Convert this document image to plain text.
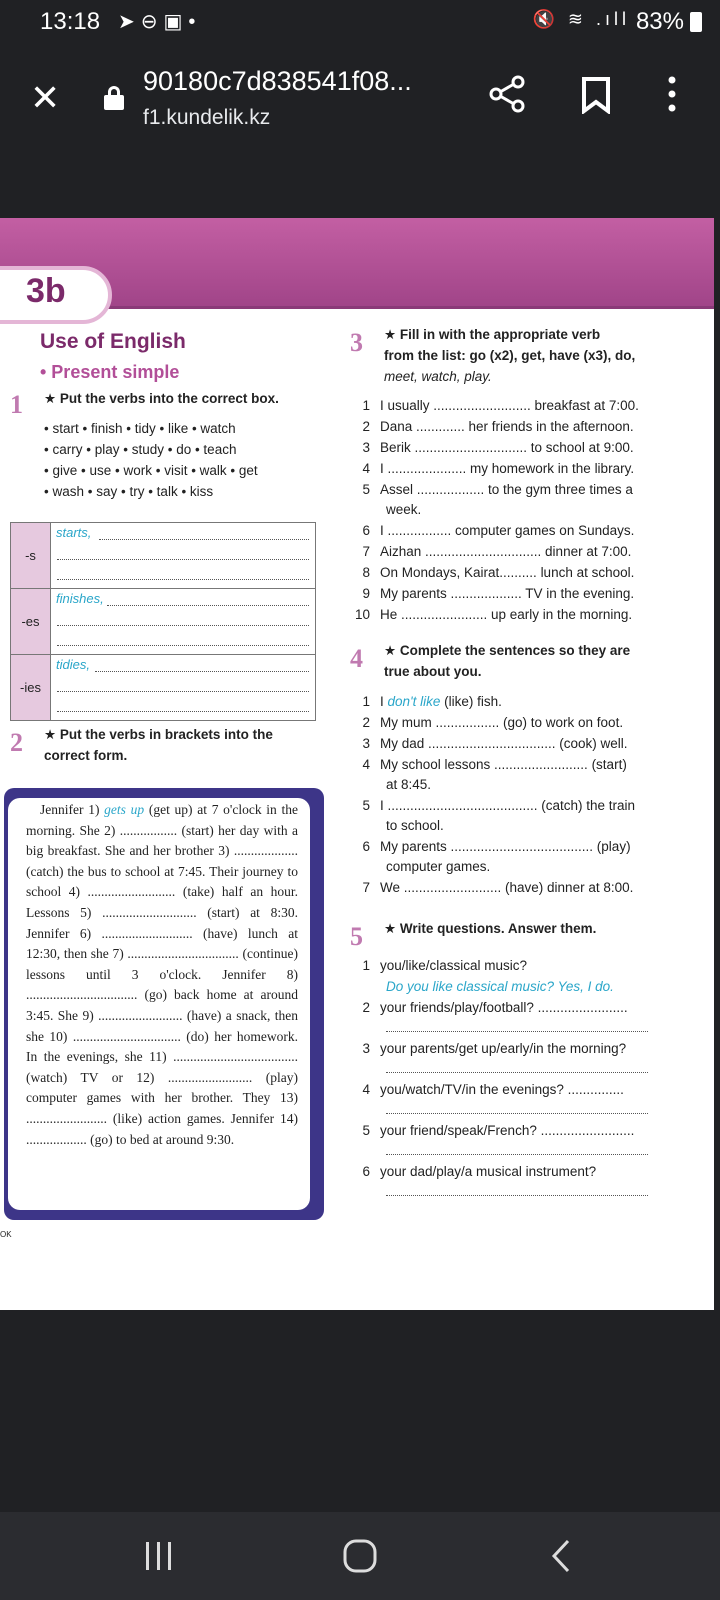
13:18 ➤⊖▣•	🔇 ≋ .ıll 83%
✕	90180c7d838541f08...
f1.kundelik.kz
3b
Use of English
• Present simple
1 ★ Put the verbs into the correct box.
• start • finish • tidy • like • watch
• carry • play • study • do • teach
• give • use • work • visit • walk • get
• wash • say • try • talk • kiss
-s	starts,

-es	finishes,

-ies	tidies,
2 ★ Put the verbs in brackets into the correct form.
Jennifer 1) gets up (get up) at 7 o'clock in the morning. She 2) ................. (start) her day with a big breakfast. She and her brother 3) ................... (catch) the bus to school at 7:45. Their journey to school 4) .......................... (take) half an hour. Lessons 5) ............................ (start) at 8:30. Jennifer 6) ........................... (have) lunch at 12:30, then she 7) ................................. (continue) lessons until 3 o'clock. Jennifer 8) ................................. (go) back home at around 3:45. She 9) ......................... (have) a snack, then she 10) ................................ (do) her homework. In the evenings, she 11) ..................................... (watch) TV or 12) ......................... (play) computer games with her brother. They 13) ........................ (like) action games. Jennifer 14) .................. (go) to bed at around 9:30.
OK
3 ★ Fill in with the appropriate verb
from the list: go (x2), get, have (x3), do,
meet, watch, play.
1 I usually .......................... breakfast at 7:00.
2 Dana ............. her friends in the afternoon.
3 Berik .............................. to school at 9:00.
4 I ..................... my homework in the library.
5 Assel .................. to the gym three times a
week.
6 I ................. computer games on Sundays.
7 Aizhan ............................... dinner at 7:00.
8 On Mondays, Kairat.......... lunch at school.
9 My parents ................... TV in the evening.
10 He ....................... up early in the morning.
4 ★ Complete the sentences so they are
true about you.
1 I don't like (like) fish.
2 My mum ................. (go) to work on foot.
3 My dad .................................. (cook) well.
4 My school lessons ......................... (start)
at 8:45.
5 I ........................................ (catch) the train
to school.
6 My parents ...................................... (play)
computer games.
7 We .......................... (have) dinner at 8:00.
5 ★ Write questions. Answer them.
1 you/like/classical music?
Do you like classical music? Yes, I do.
2 your friends/play/football? ........................
3 your parents/get up/early/in the morning?
4 you/watch/TV/in the evenings? ...............
5 your friend/speak/French? .........................
6 your dad/play/a musical instrument?
